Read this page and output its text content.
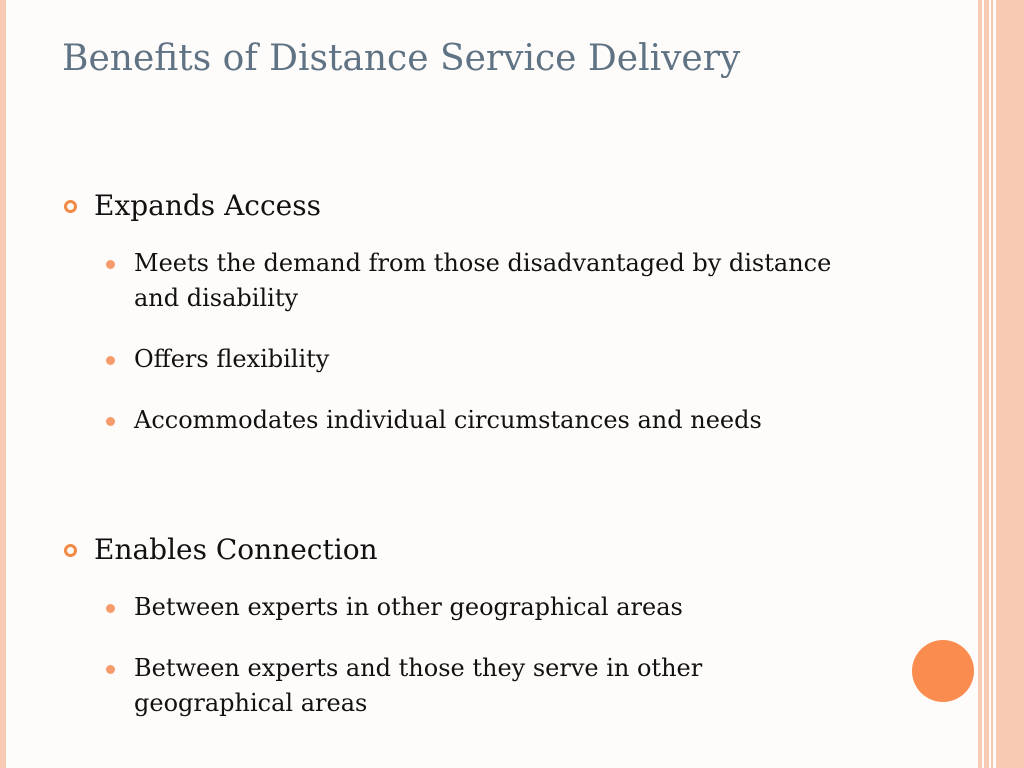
Benefits of Distance Service Delivery
Expands Access
Meets the demand from those disadvantaged by distance and disability
Offers flexibility
Accommodates individual circumstances and needs
Enables Connection
Between experts in other geographical areas
Between experts and those they serve in other geographical areas
